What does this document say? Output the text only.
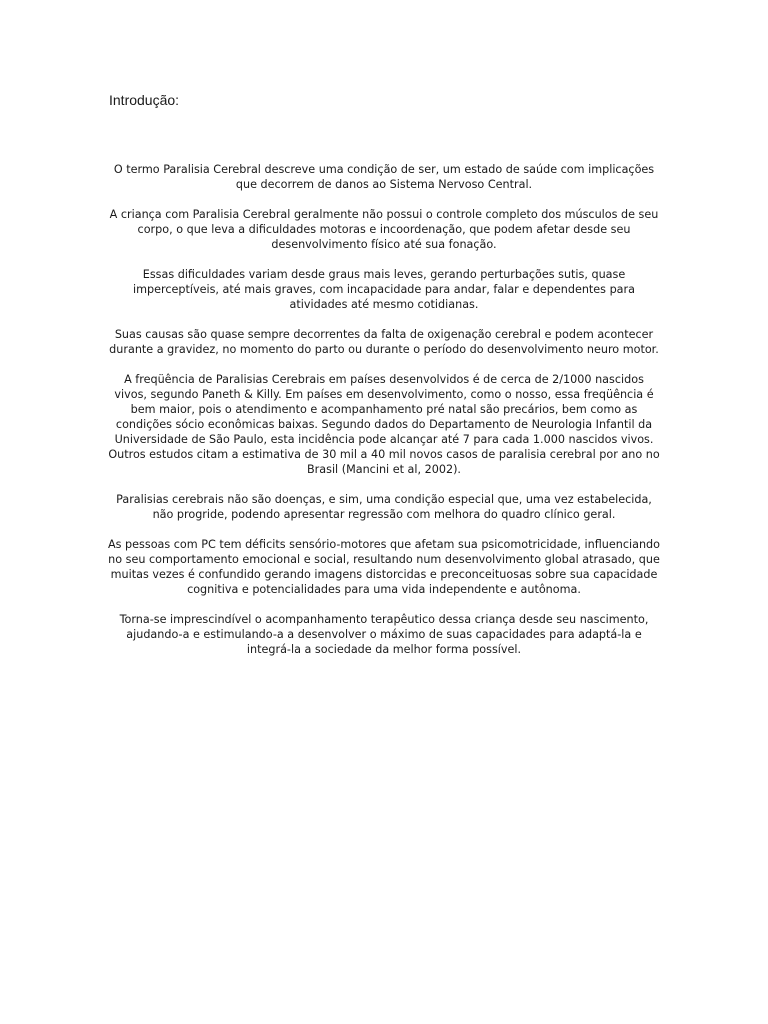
Introdução:

O termo Paralisia Cerebral descreve uma condição de ser, um estado de saúde com implicações que decorrem de danos ao Sistema Nervoso Central.

A criança com Paralisia Cerebral geralmente não possui o controle completo dos músculos de seu corpo, o que leva a dificuldades motoras e incoordenação, que podem afetar desde seu desenvolvimento físico até sua fonação.

Essas dificuldades variam desde graus mais leves, gerando perturbações sutis, quase imperceptíveis, até mais graves, com incapacidade para andar, falar e dependentes para atividades até mesmo cotidianas.

Suas causas são quase sempre decorrentes da falta de oxigenação cerebral e podem acontecer durante a gravidez, no momento do parto ou durante o período do desenvolvimento neuro motor.

A freqüência de Paralisias Cerebrais em países desenvolvidos é de cerca de 2/1000 nascidos vivos, segundo Paneth & Killy. Em países em desenvolvimento, como o nosso, essa freqüência é bem maior, pois o atendimento e acompanhamento pré natal são precários, bem como as condições sócio econômicas baixas. Segundo dados do Departamento de Neurologia Infantil da Universidade de São Paulo, esta incidência pode alcançar até 7 para cada 1.000 nascidos vivos. Outros estudos citam a estimativa de 30 mil a 40 mil novos casos de paralisia cerebral por ano no Brasil (Mancini et al, 2002).

Paralisias cerebrais não são doenças, e sim, uma condição especial que, uma vez estabelecida, não progride, podendo apresentar regressão com melhora do quadro clínico geral.

As pessoas com PC tem déficits sensório-motores que afetam sua psicomotricidade, influenciando no seu comportamento emocional e social, resultando num desenvolvimento global atrasado, que muitas vezes é confundido gerando imagens distorcidas e preconceituosas sobre sua capacidade cognitiva e potencialidades para uma vida independente e autônoma.

Torna-se imprescindível o acompanhamento terapêutico dessa criança desde seu nascimento, ajudando-a e estimulando-a a desenvolver o máximo de suas capacidades para adaptá-la e integrá-la a sociedade da melhor forma possível.
